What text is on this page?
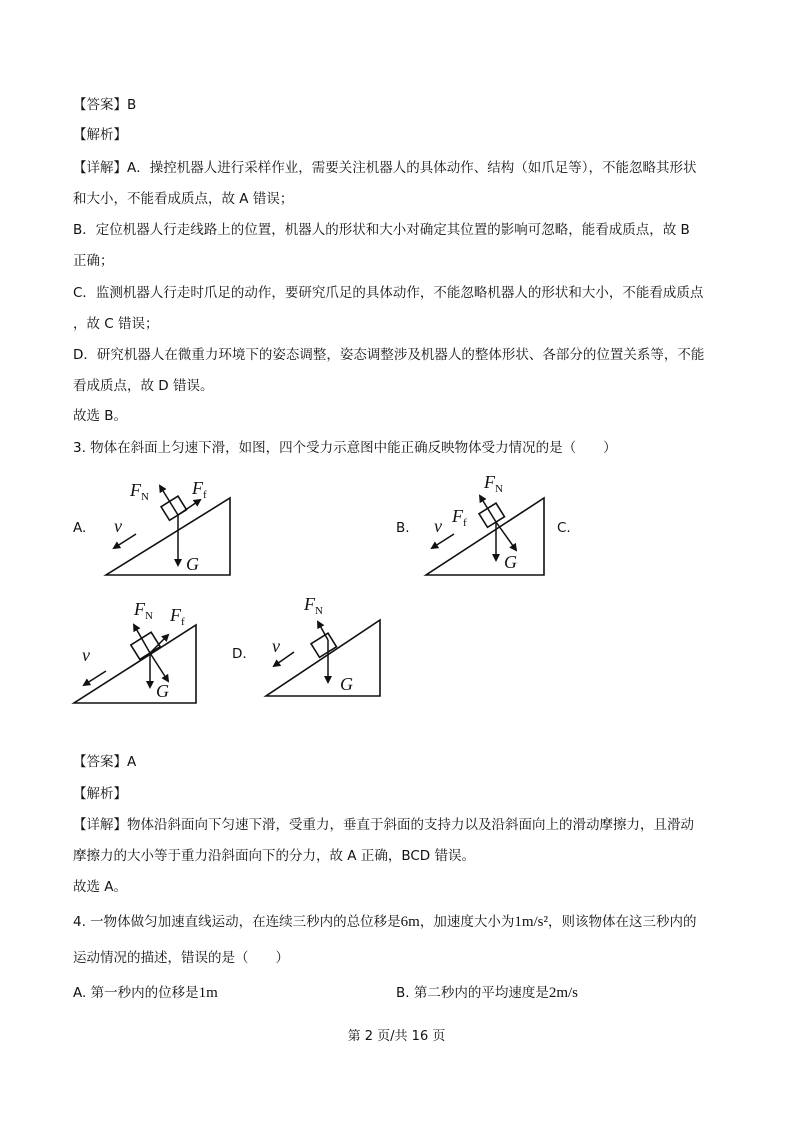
【答案】B
【解析】
【详解】A．操控机器人进行采样作业，需要关注机器人的具体动作、结构（如爪足等），不能忽略其形状
和大小，不能看成质点，故 A 错误；
B．定位机器人行走线路上的位置，机器人的形状和大小对确定其位置的影响可忽略，能看成质点，故 B
正确；
C．监测机器人行走时爪足的动作，要研究爪足的具体动作，不能忽略机器人的形状和大小，不能看成质点
，故 C 错误；
D．研究机器人在微重力环境下的姿态调整，姿态调整涉及机器人的整体形状、各部分的位置关系等，不能
看成质点，故 D 错误。
故选 B。
3. 物体在斜面上匀速下滑，如图，四个受力示意图中能正确反映物体受力情况的是（　　）
A.	B.	C.
D.
$F_N$ $F_f$
G
v
$F_N$
$F_f$
G
v
$F_N$ $F_f$
G
v
$F_N$
G
v
【答案】A
【解析】
【详解】物体沿斜面向下匀速下滑，受重力，垂直于斜面的支持力以及沿斜面向上的滑动摩擦力，且滑动
摩擦力的大小等于重力沿斜面向下的分力，故 A 正确，BCD 错误。
故选 A。
4. 一物体做匀加速直线运动，在连续三秒内的总位移是6m，加速度大小为1m/s²，则该物体在这三秒内的
运动情况的描述，错误的是（　　）
A. 第一秒内的位移是1m	B. 第二秒内的平均速度是2m/s
第 2 页/共 16 页
